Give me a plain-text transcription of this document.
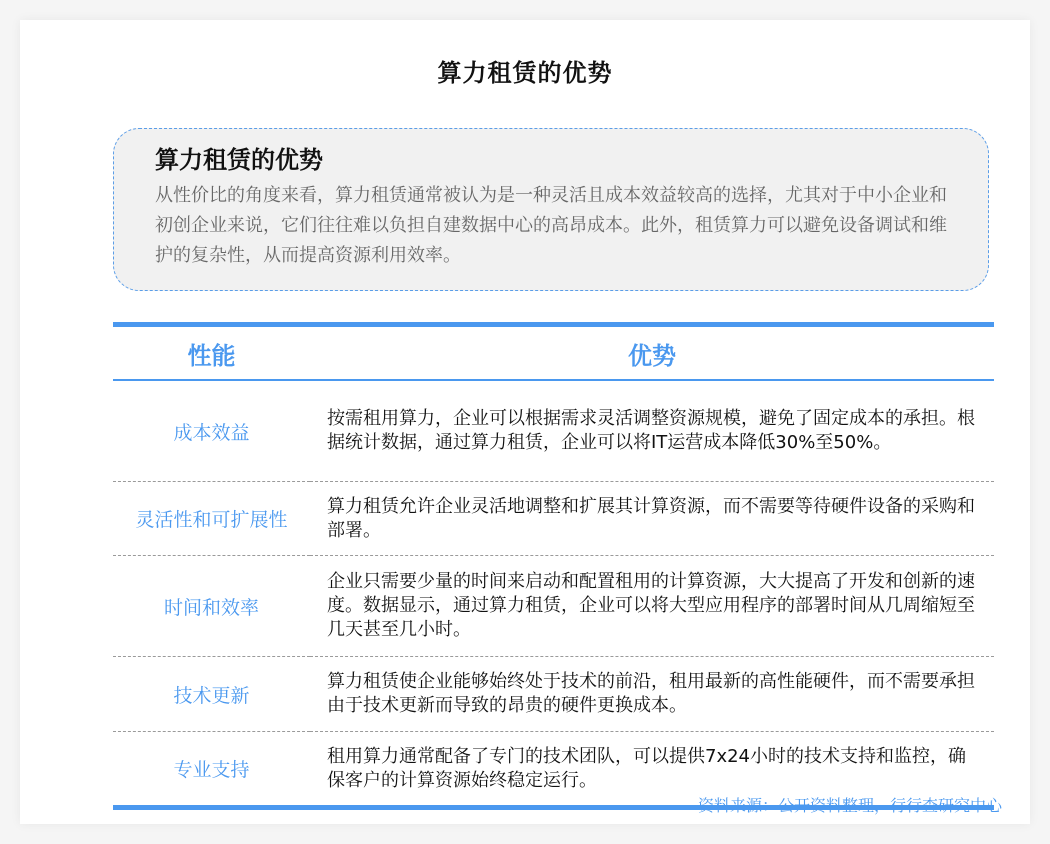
算力租赁的优势
算力租赁的优势
从性价比的角度来看，算力租赁通常被认为是一种灵活且成本效益较高的选择，尤其对于中小企业和初创企业来说，它们往往难以负担自建数据中心的高昂成本。此外，租赁算力可以避免设备调试和维护的复杂性，从而提高资源利用效率。
性能	优势
成本效益	按需租用算力，企业可以根据需求灵活调整资源规模，避免了固定成本的承担。根据统计数据，通过算力租赁，企业可以将IT运营成本降低30%至50%。
灵活性和可扩展性	算力租赁允许企业灵活地调整和扩展其计算资源，而不需要等待硬件设备的采购和部署。
时间和效率	企业只需要少量的时间来启动和配置租用的计算资源，大大提高了开发和创新的速度。数据显示，通过算力租赁，企业可以将大型应用程序的部署时间从几周缩短至几天甚至几小时。
技术更新	算力租赁使企业能够始终处于技术的前沿，租用最新的高性能硬件，而不需要承担由于技术更新而导致的昂贵的硬件更换成本。
专业支持	租用算力通常配备了专门的技术团队，可以提供7x24小时的技术支持和监控，确保客户的计算资源始终稳定运行。
资料来源：公开资料整理，行行查研究中心
